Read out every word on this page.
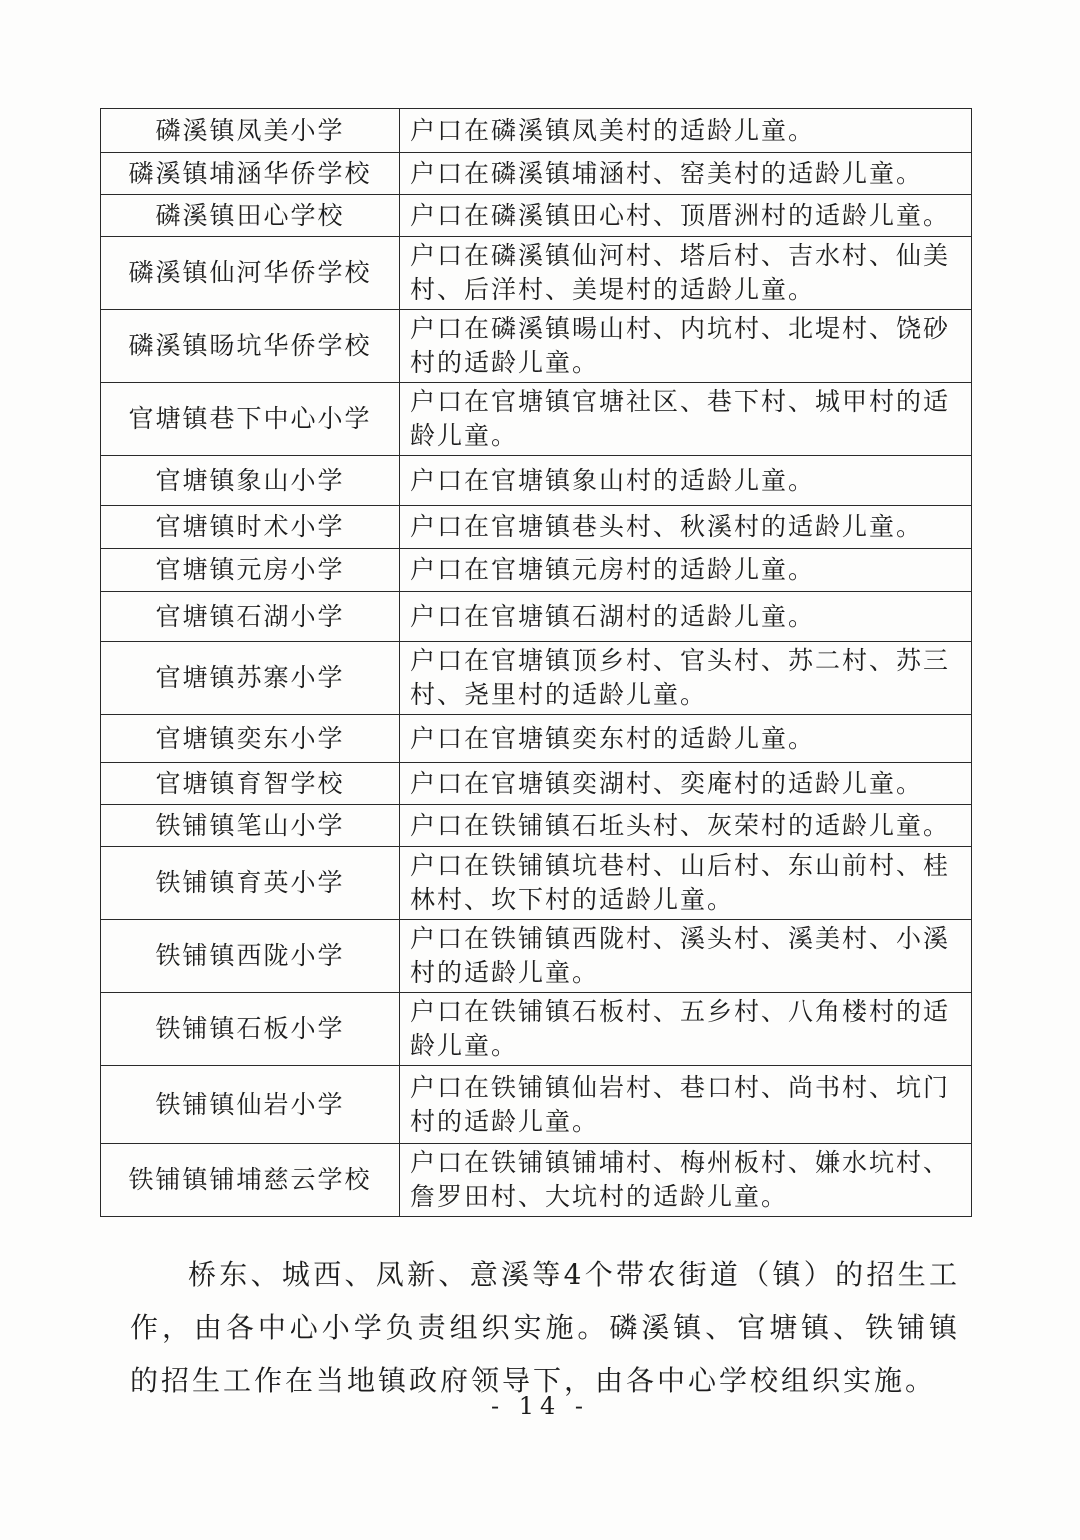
磷溪镇凤美小学	户口在磷溪镇凤美村的适龄儿童。
磷溪镇埔涵华侨学校	户口在磷溪镇埔涵村、窑美村的适龄儿童。
磷溪镇田心学校	户口在磷溪镇田心村、顶厝洲村的适龄儿童。
磷溪镇仙河华侨学校	户口在磷溪镇仙河村、塔后村、吉水村、仙美村、后洋村、美堤村的适龄儿童。
磷溪镇旸坑华侨学校	户口在磷溪镇暘山村、内坑村、北堤村、饶砂村的适龄儿童。
官塘镇巷下中心小学	户口在官塘镇官塘社区、巷下村、城甲村的适龄儿童。
官塘镇象山小学	户口在官塘镇象山村的适龄儿童。
官塘镇时术小学	户口在官塘镇巷头村、秋溪村的适龄儿童。
官塘镇元房小学	户口在官塘镇元房村的适龄儿童。
官塘镇石湖小学	户口在官塘镇石湖村的适龄儿童。
官塘镇苏寨小学	户口在官塘镇顶乡村、官头村、苏二村、苏三村、尧里村的适龄儿童。
官塘镇奕东小学	户口在官塘镇奕东村的适龄儿童。
官塘镇育智学校	户口在官塘镇奕湖村、奕庵村的适龄儿童。
铁铺镇笔山小学	户口在铁铺镇石坵头村、灰荣村的适龄儿童。
铁铺镇育英小学	户口在铁铺镇坑巷村、山后村、东山前村、桂林村、坎下村的适龄儿童。
铁铺镇西陇小学	户口在铁铺镇西陇村、溪头村、溪美村、小溪村的适龄儿童。
铁铺镇石板小学	户口在铁铺镇石板村、五乡村、八角楼村的适龄儿童。
铁铺镇仙岩小学	户口在铁铺镇仙岩村、巷口村、尚书村、坑门村的适龄儿童。
铁铺镇铺埔慈云学校	户口在铁铺镇铺埔村、梅州板村、嫌水坑村、詹罗田村、大坑村的适龄儿童。

桥东、城西、凤新、意溪等4个带农街道（镇）的招生工作，由各中心小学负责组织实施。磷溪镇、官塘镇、铁铺镇的招生工作在当地镇政府领导下，由各中心学校组织实施。

- 14 -
